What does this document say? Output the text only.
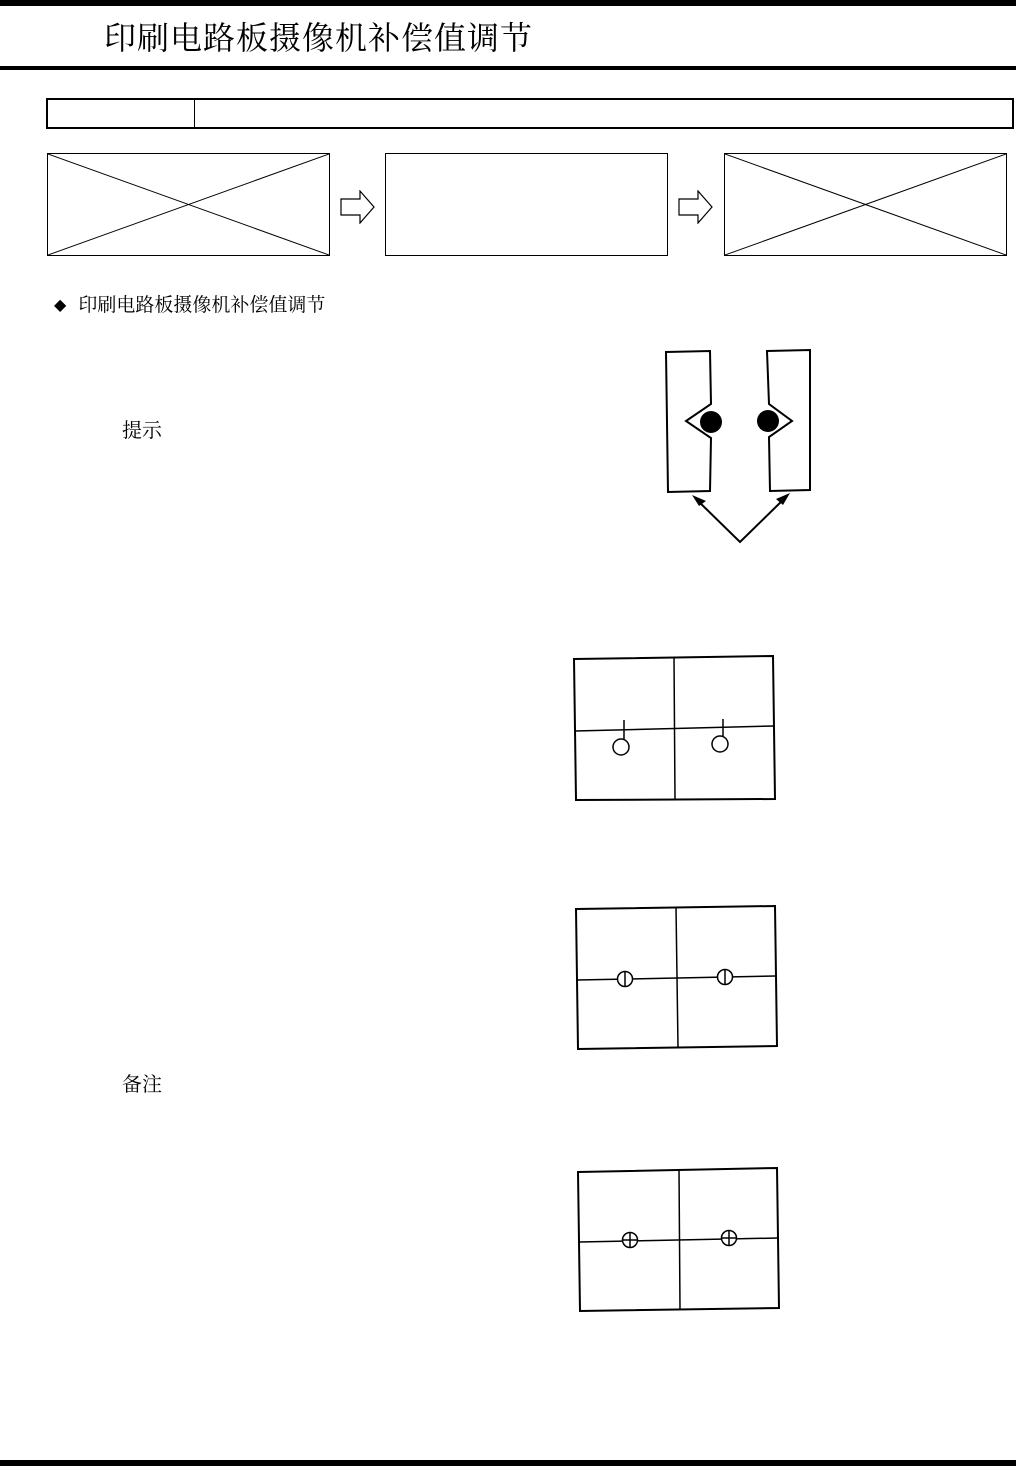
印刷电路板摄像机补偿值调节
◆ 印刷电路板摄像机补偿值调节
提示
备注
